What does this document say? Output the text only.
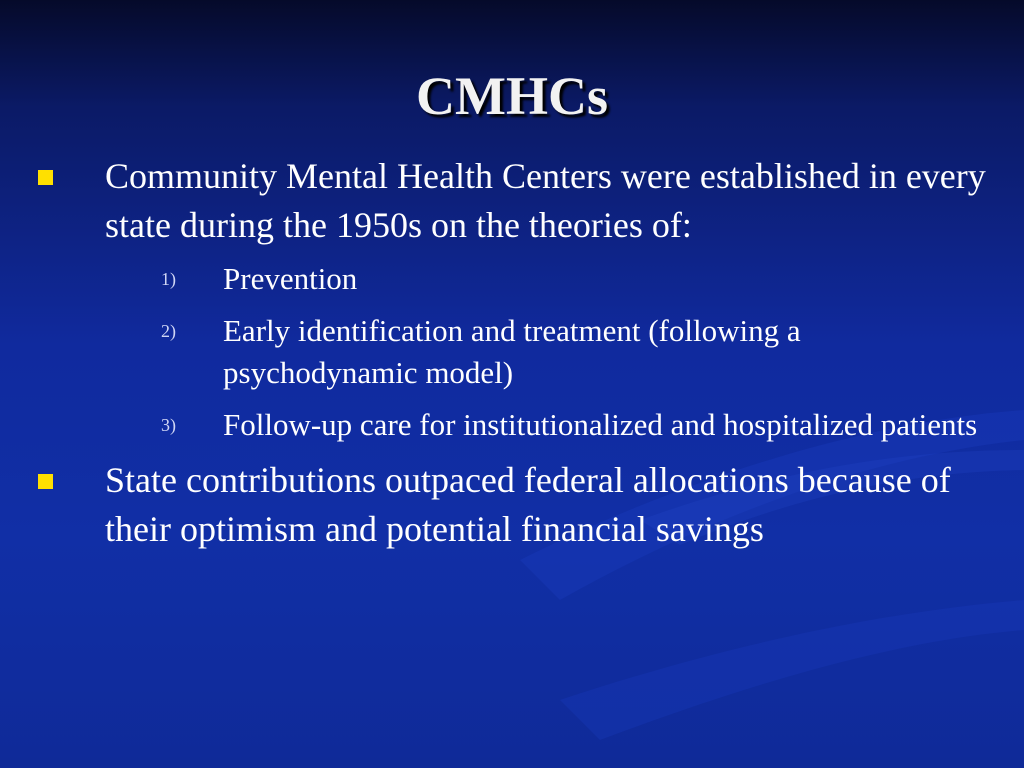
CMHCs
Community Mental Health Centers were established in every state during the 1950s on the theories of:
1) Prevention
2) Early identification and treatment (following a psychodynamic model)
3) Follow-up care for institutionalized and hospitalized patients
State contributions outpaced federal allocations because of their optimism and potential financial savings
